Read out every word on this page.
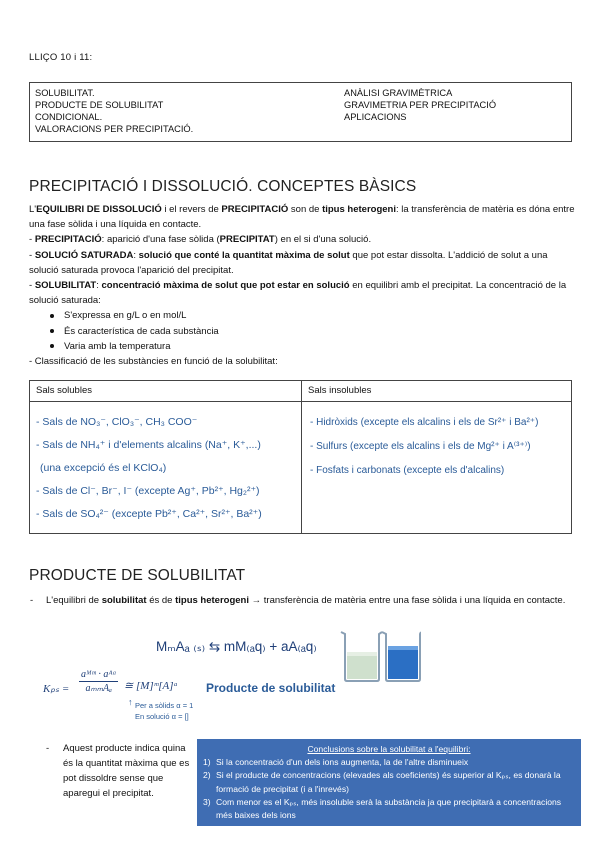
LLIÇO 10 i 11:
SOLUBILITAT.
PRODUCTE DE SOLUBILITAT
CONDICIONAL.
VALORACIONS PER PRECIPITACIÓ.
ANÀLISI GRAVIMÈTRICA
GRAVIMETRIA PER PRECIPITACIÓ
APLICACIONS
PRECIPITACIÓ I DISSOLUCIÓ. CONCEPTES BÀSICS

L'EQUILIBRI DE DISSOLUCIÓ i el revers de PRECIPITACIÓ son de tipus heterogeni: la transferència de matèria es dóna entre una fase sòlida i una líquida en contacte.

- PRECIPITACIÓ: aparició d'una fase sòlida (PRECIPITAT) en el si d'una solució.

- SOLUCIÓ SATURADA: solució que conté la quantitat màxima de solut que pot estar dissolta. L'addició de solut a una solució saturada provoca l'aparició del precipitat.

- SOLUBILITAT: concentració màxima de solut que pot estar en solució en equilibri amb el precipitat. La concentració de la solució saturada:

S'expressa en g/L o en mol/L
És característica de cada substància
Varia amb la temperatura

- Classificació de les substàncies en funció de la solubilitat:

Sals solubles	Sals insolubles
- Sals de NO₃⁻, ClO₃⁻, CH₃ COO⁻
- Sals de NH₄⁺ i d'elements alcalins (Na⁺, K⁺,...)
(una excepció és el KClO₄)
- Sals de Cl⁻, Br⁻, I⁻ (excepte Ag⁺, Pb²⁺, Hg₂²⁺)
- Sals de SO₄²⁻ (excepte Pb²⁺, Ca²⁺, Sr²⁺, Ba²⁺)
- Hidròxids (excepte els alcalins i els de Sr²⁺ i Ba²⁺)
- Sulfurs (excepte els alcalins i els de Mg²⁺ i A⁽³⁺⁾)
- Fosfats i carbonats (excepte els d'alcalins)
PRODUCTE DE SOLUBILITAT
- L'equilibri de solubilitat és de tipus heterogeni → transferència de matèria entre una fase sòlida i una líquida en contacte.
MₘAₐ ₍ₛ₎ ⇆ mM₍ₐq₎ + aA₍ₐq₎
Kₚₛ =
aᴹᵐ · aᴬᵃ
aₘₘAₐ	≅ [M]ᵐ[A]ᵃ Producte de solubilitat
↑ Per a sòlids α = 1
En solució α = []
- Aquest producte indica quina és la quantitat màxima que es pot dissoldre sense que aparegui el precipitat.
Conclusions sobre la solubilitat a l'equilibri:
1) Si la concentració d'un dels ions augmenta, la de l'altre disminueix
2) Si el producte de concentracions (elevades als coeficients) és superior al Kₚₛ, es donarà la formació de precipitat (i a l'inrevés)
3) Com menor es el Kₚₛ, més insoluble serà la substància ja que precipitarà a concentracions més baixes dels ions
